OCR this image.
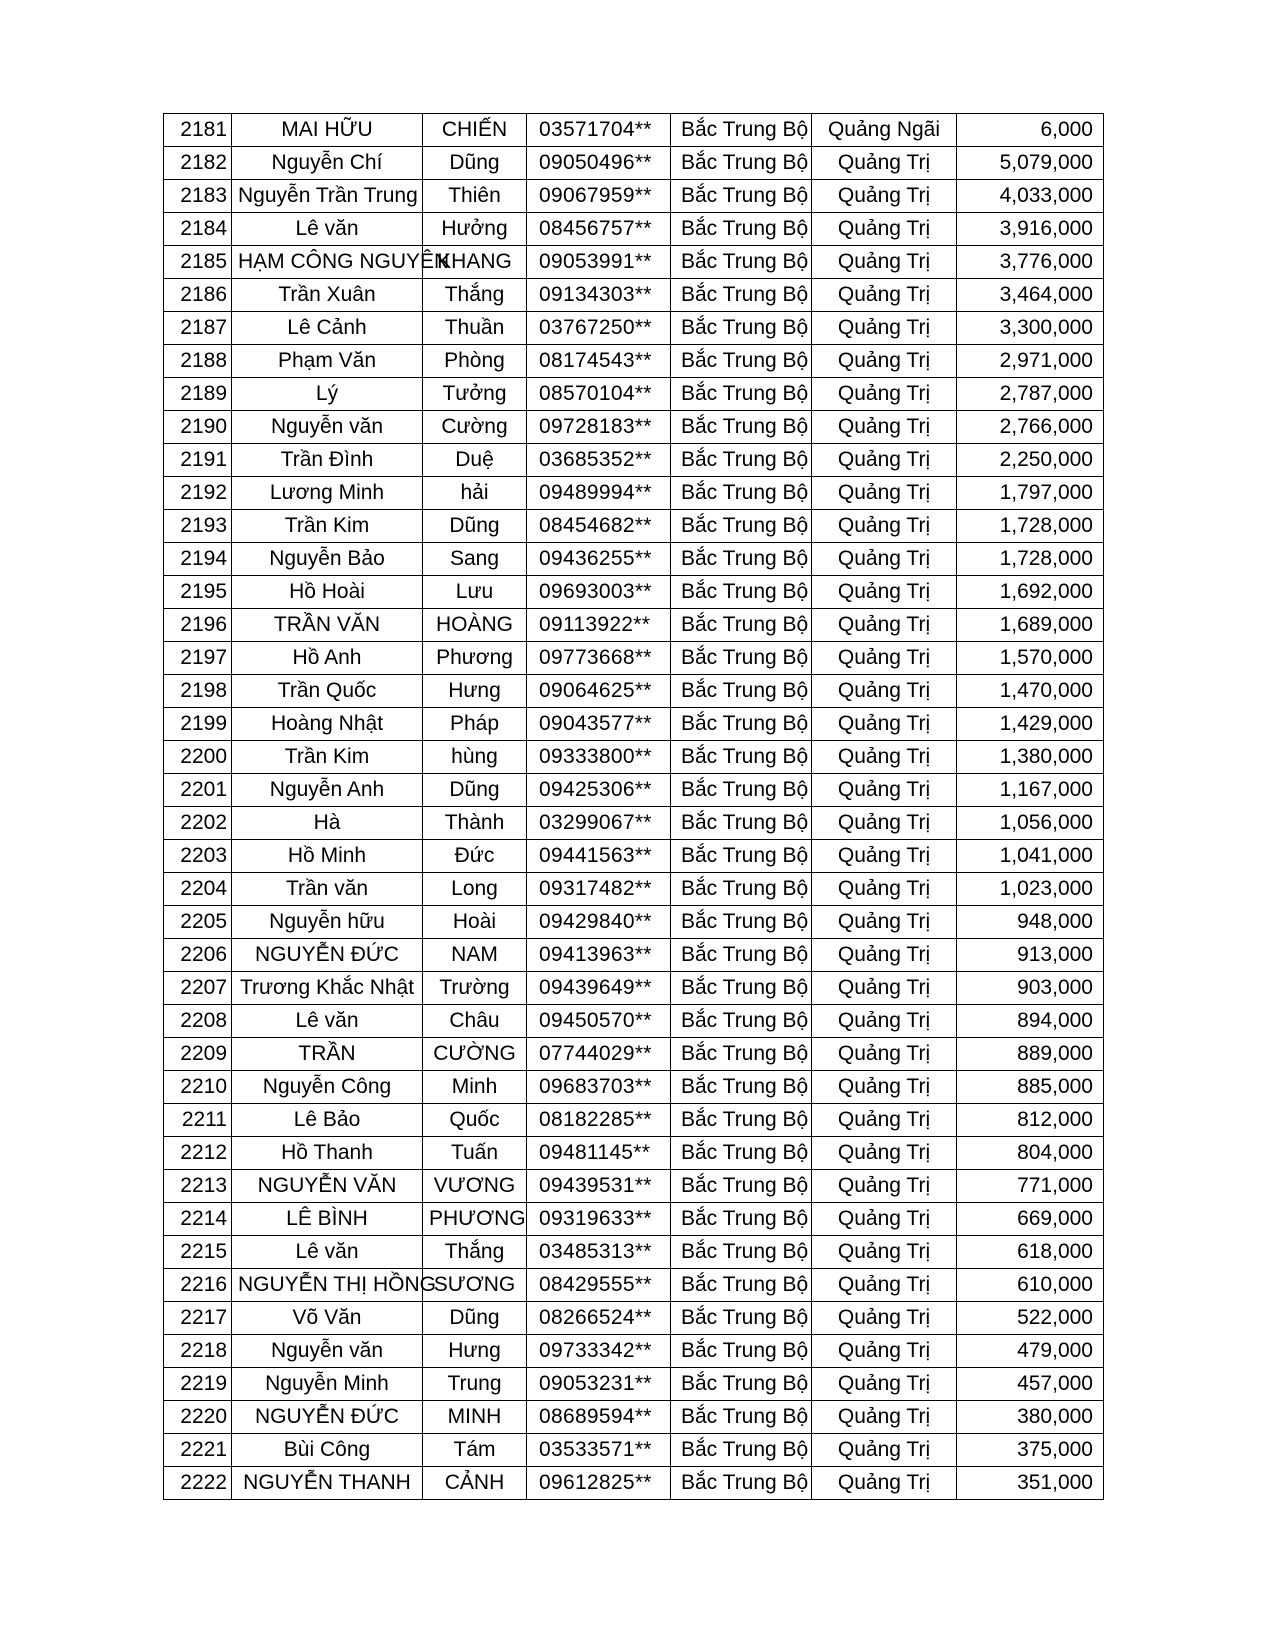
2181	MAI HỮU	CHIẾN	03571704**	Bắc Trung Bộ	Quảng Ngãi	6,000
2182	Nguyễn Chí	Dũng	09050496**	Bắc Trung Bộ	Quảng Trị	5,079,000
2183	Nguyễn Trần Trung	Thiên	09067959**	Bắc Trung Bộ	Quảng Trị	4,033,000
2184	Lê văn	Hưởng	08456757**	Bắc Trung Bộ	Quảng Trị	3,916,000
2185	HẠM CÔNG NGUYÊN	KHANG	09053991**	Bắc Trung Bộ	Quảng Trị	3,776,000
2186	Trần Xuân	Thắng	09134303**	Bắc Trung Bộ	Quảng Trị	3,464,000
2187	Lê Cảnh	Thuần	03767250**	Bắc Trung Bộ	Quảng Trị	3,300,000
2188	Phạm Văn	Phòng	08174543**	Bắc Trung Bộ	Quảng Trị	2,971,000
2189	Lý	Tưởng	08570104**	Bắc Trung Bộ	Quảng Trị	2,787,000
2190	Nguyễn văn	Cường	09728183**	Bắc Trung Bộ	Quảng Trị	2,766,000
2191	Trần Đình	Duệ	03685352**	Bắc Trung Bộ	Quảng Trị	2,250,000
2192	Lương Minh	hải	09489994**	Bắc Trung Bộ	Quảng Trị	1,797,000
2193	Trần Kim	Dũng	08454682**	Bắc Trung Bộ	Quảng Trị	1,728,000
2194	Nguyễn Bảo	Sang	09436255**	Bắc Trung Bộ	Quảng Trị	1,728,000
2195	Hồ Hoài	Lưu	09693003**	Bắc Trung Bộ	Quảng Trị	1,692,000
2196	TRẦN VĂN	HOÀNG	09113922**	Bắc Trung Bộ	Quảng Trị	1,689,000
2197	Hồ Anh	Phương	09773668**	Bắc Trung Bộ	Quảng Trị	1,570,000
2198	Trần Quốc	Hưng	09064625**	Bắc Trung Bộ	Quảng Trị	1,470,000
2199	Hoàng Nhật	Pháp	09043577**	Bắc Trung Bộ	Quảng Trị	1,429,000
2200	Trần Kim	hùng	09333800**	Bắc Trung Bộ	Quảng Trị	1,380,000
2201	Nguyễn Anh	Dũng	09425306**	Bắc Trung Bộ	Quảng Trị	1,167,000
2202	Hà	Thành	03299067**	Bắc Trung Bộ	Quảng Trị	1,056,000
2203	Hồ Minh	Đức	09441563**	Bắc Trung Bộ	Quảng Trị	1,041,000
2204	Trần văn	Long	09317482**	Bắc Trung Bộ	Quảng Trị	1,023,000
2205	Nguyễn hữu	Hoài	09429840**	Bắc Trung Bộ	Quảng Trị	948,000
2206	NGUYỄN ĐỨC	NAM	09413963**	Bắc Trung Bộ	Quảng Trị	913,000
2207	Trương Khắc Nhật	Trường	09439649**	Bắc Trung Bộ	Quảng Trị	903,000
2208	Lê văn	Châu	09450570**	Bắc Trung Bộ	Quảng Trị	894,000
2209	TRẦN	CƯỜNG	07744029**	Bắc Trung Bộ	Quảng Trị	889,000
2210	Nguyễn Công	Minh	09683703**	Bắc Trung Bộ	Quảng Trị	885,000
2211	Lê Bảo	Quốc	08182285**	Bắc Trung Bộ	Quảng Trị	812,000
2212	Hồ Thanh	Tuấn	09481145**	Bắc Trung Bộ	Quảng Trị	804,000
2213	NGUYỄN VĂN	VƯƠNG	09439531**	Bắc Trung Bộ	Quảng Trị	771,000
2214	LÊ BÌNH	PHƯƠNG	09319633**	Bắc Trung Bộ	Quảng Trị	669,000
2215	Lê văn	Thắng	03485313**	Bắc Trung Bộ	Quảng Trị	618,000
2216	NGUYỄN THỊ HỒNG	SƯƠNG	08429555**	Bắc Trung Bộ	Quảng Trị	610,000
2217	Võ Văn	Dũng	08266524**	Bắc Trung Bộ	Quảng Trị	522,000
2218	Nguyễn văn	Hưng	09733342**	Bắc Trung Bộ	Quảng Trị	479,000
2219	Nguyễn Minh	Trung	09053231**	Bắc Trung Bộ	Quảng Trị	457,000
2220	NGUYỄN ĐỨC	MINH	08689594**	Bắc Trung Bộ	Quảng Trị	380,000
2221	Bùi Công	Tám	03533571**	Bắc Trung Bộ	Quảng Trị	375,000
2222	NGUYỄN THANH	CẢNH	09612825**	Bắc Trung Bộ	Quảng Trị	351,000
